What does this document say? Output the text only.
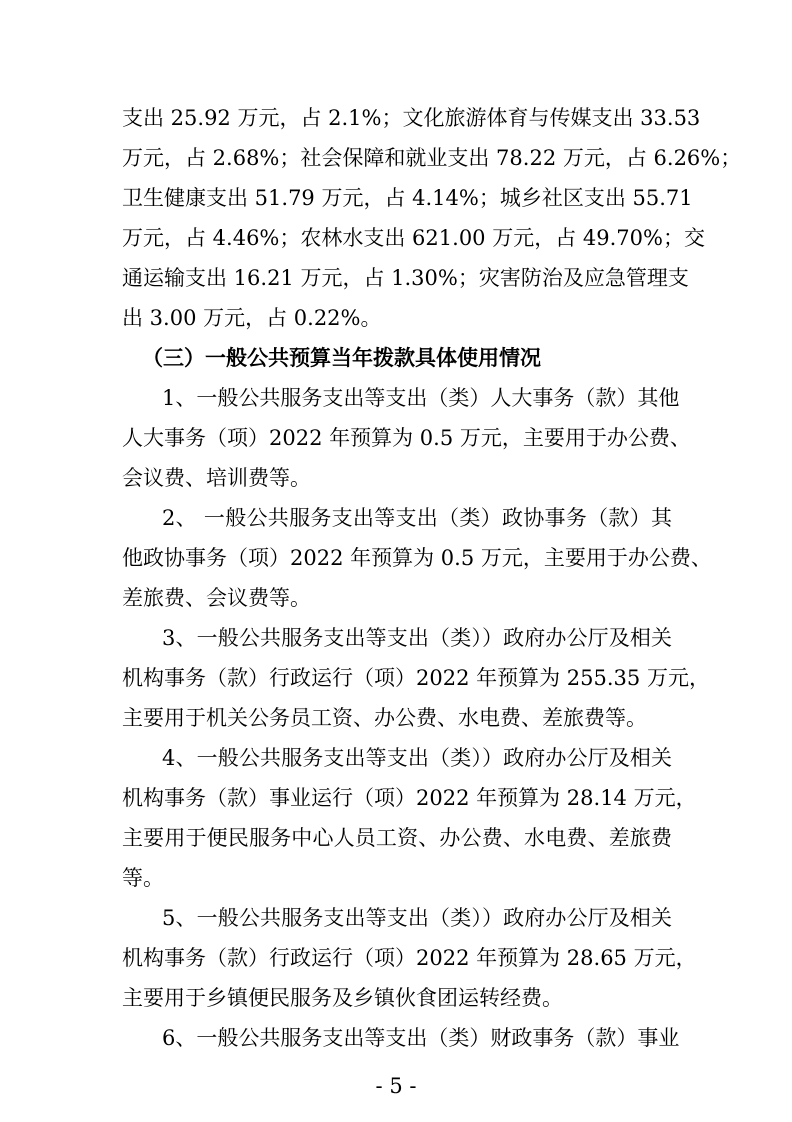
支出 25.92 万元，占 2.1%；文化旅游体育与传媒支出 33.53
万元，占 2.68%；社会保障和就业支出 78.22 万元，占 6.26%；
卫生健康支出 51.79 万元，占 4.14%；城乡社区支出 55.71
万元，占 4.46%；农林水支出 621.00 万元，占 49.70%；交
通运输支出 16.21 万元，占 1.30%；灾害防治及应急管理支
出 3.00 万元，占 0.22%。
（三）一般公共预算当年拨款具体使用情况
1、一般公共服务支出等支出（类）人大事务（款）其他
人大事务（项）2022 年预算为 0.5 万元，主要用于办公费、
会议费、培训费等。
2、 一般公共服务支出等支出（类）政协事务（款）其
他政协事务（项）2022 年预算为 0.5 万元，主要用于办公费、
差旅费、会议费等。
3、一般公共服务支出等支出（类））政府办公厅及相关
机构事务（款）行政运行（项）2022 年预算为 255.35 万元，
主要用于机关公务员工资、办公费、水电费、差旅费等。
4、一般公共服务支出等支出（类））政府办公厅及相关
机构事务（款）事业运行（项）2022 年预算为 28.14 万元，
主要用于便民服务中心人员工资、办公费、水电费、差旅费
等。
5、一般公共服务支出等支出（类））政府办公厅及相关
机构事务（款）行政运行（项）2022 年预算为 28.65 万元，
主要用于乡镇便民服务及乡镇伙食团运转经费。
6、一般公共服务支出等支出（类）财政事务（款）事业
- 5 -
